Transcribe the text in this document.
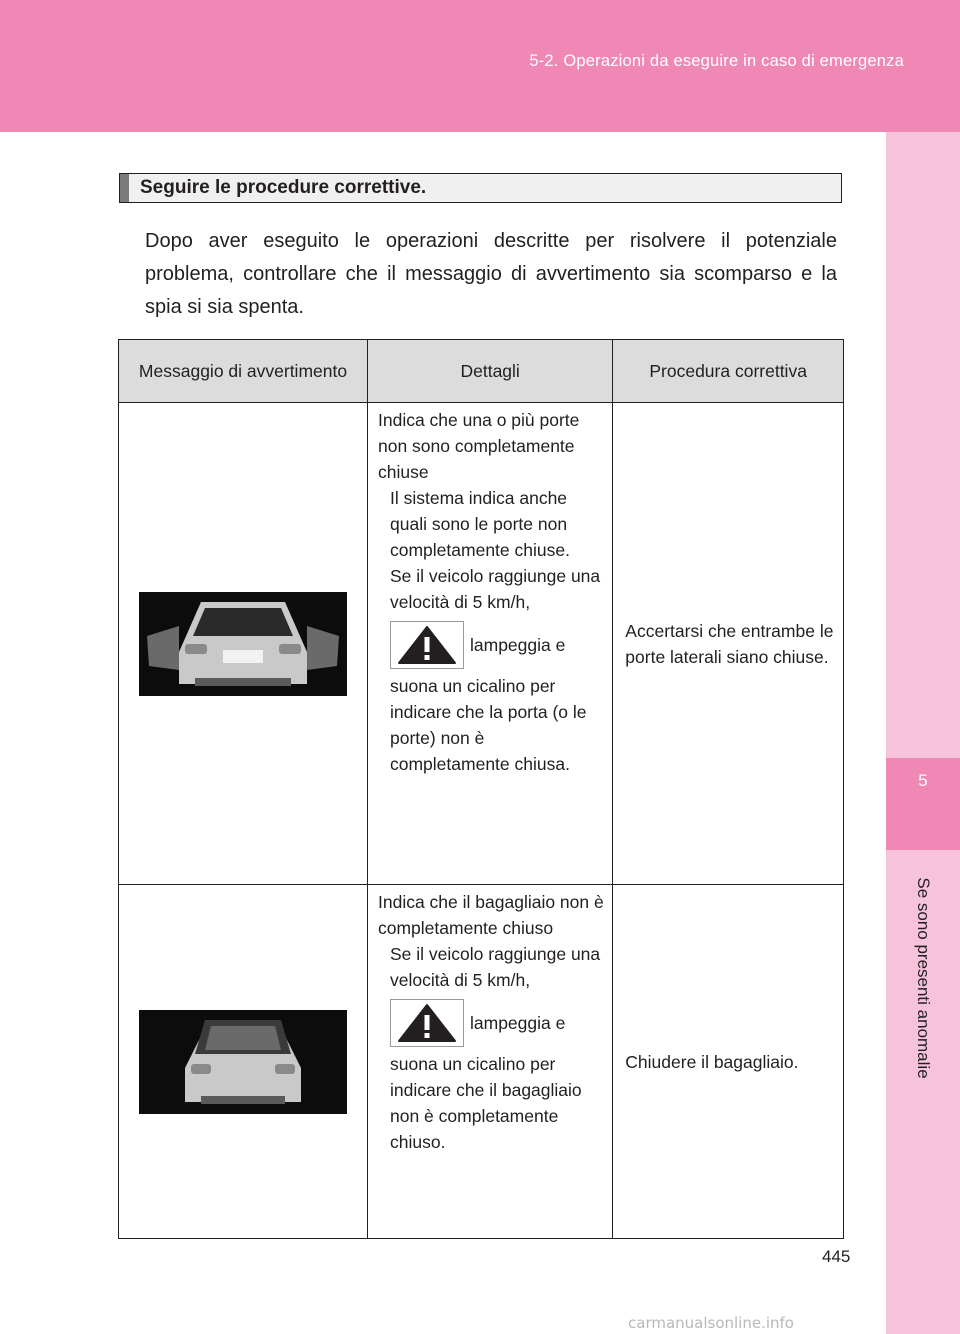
5-2. Operazioni da eseguire in caso di emergenza
5
Se sono presenti anomalie
Seguire le procedure correttive.
Dopo aver eseguito le operazioni descritte per risolvere il potenziale problema, controllare che il messaggio di avvertimento sia scomparso e la spia si sia spenta.
Messaggio di avvertimento	Dettagli	Procedura correttiva

Indica che una o più porte non sono completamente chiuse
Il sistema indica anche quali sono le porte non completamente chiuse.
Se il veicolo raggiunge una velocità di 5 km/h,
lampeggia e
suona un cicalino per indicare che la porta (o le porte) non è completamente chiusa.	Accertarsi che entrambe le porte laterali siano chiuse.

Indica che il bagagliaio non è completamente chiuso
Se il veicolo raggiunge una velocità di 5 km/h,
lampeggia e
suona un cicalino per indicare che il bagagliaio non è completamente chiuso.	Chiudere il bagagliaio.
445
carmanualsonline.info
